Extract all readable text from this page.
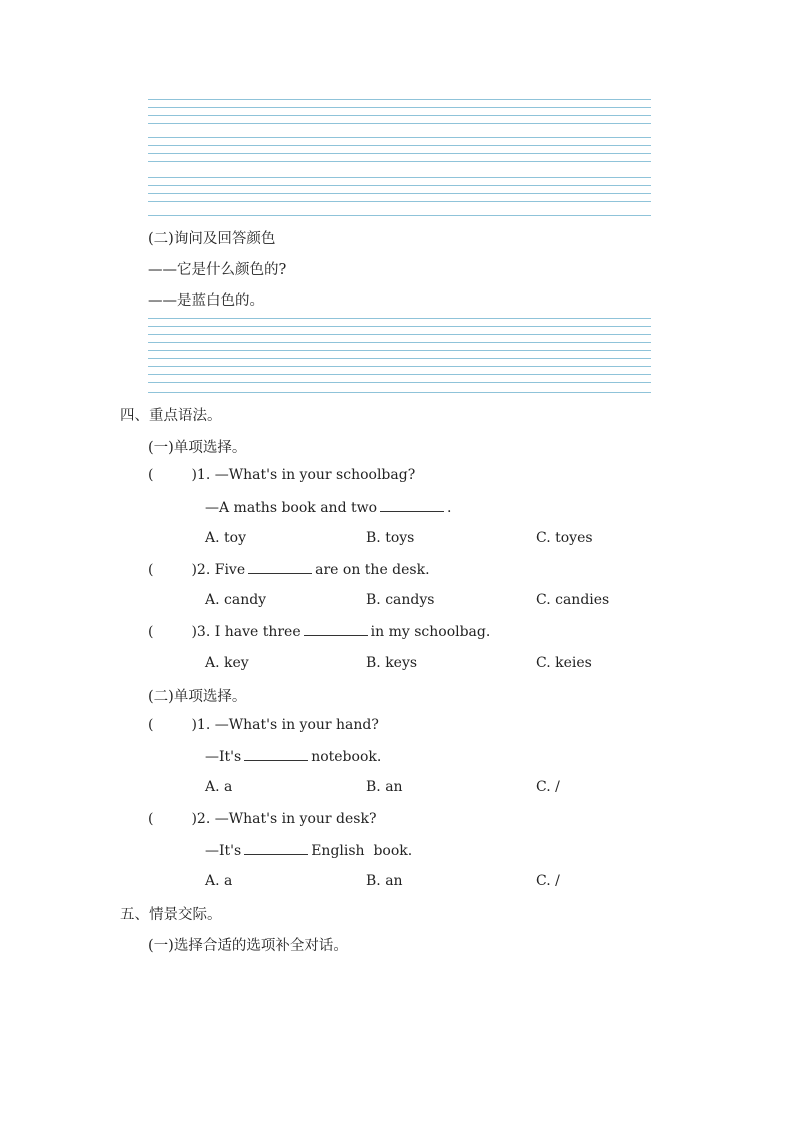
(二)询问及回答颜色
——它是什么颜色的?
——是蓝白色的。
四、重点语法。
(一)单项选择。
(	)1. —What's in your schoolbag?
—A maths book and two	.
A. toy	B. toys	C. toyes
(	)2. Five	are on the desk.
A. candy	B. candys	C. candies
(	)3. I have three	in my schoolbag.
A. key	B. keys	C. keies
(二)单项选择。
(	)1. —What's in your hand?
—It's	notebook.
A. a	B. an	C. /
(	)2. —What's in your desk?
—It's	English  book.
A. a	B. an	C. /
五、情景交际。
(一)选择合适的选项补全对话。
